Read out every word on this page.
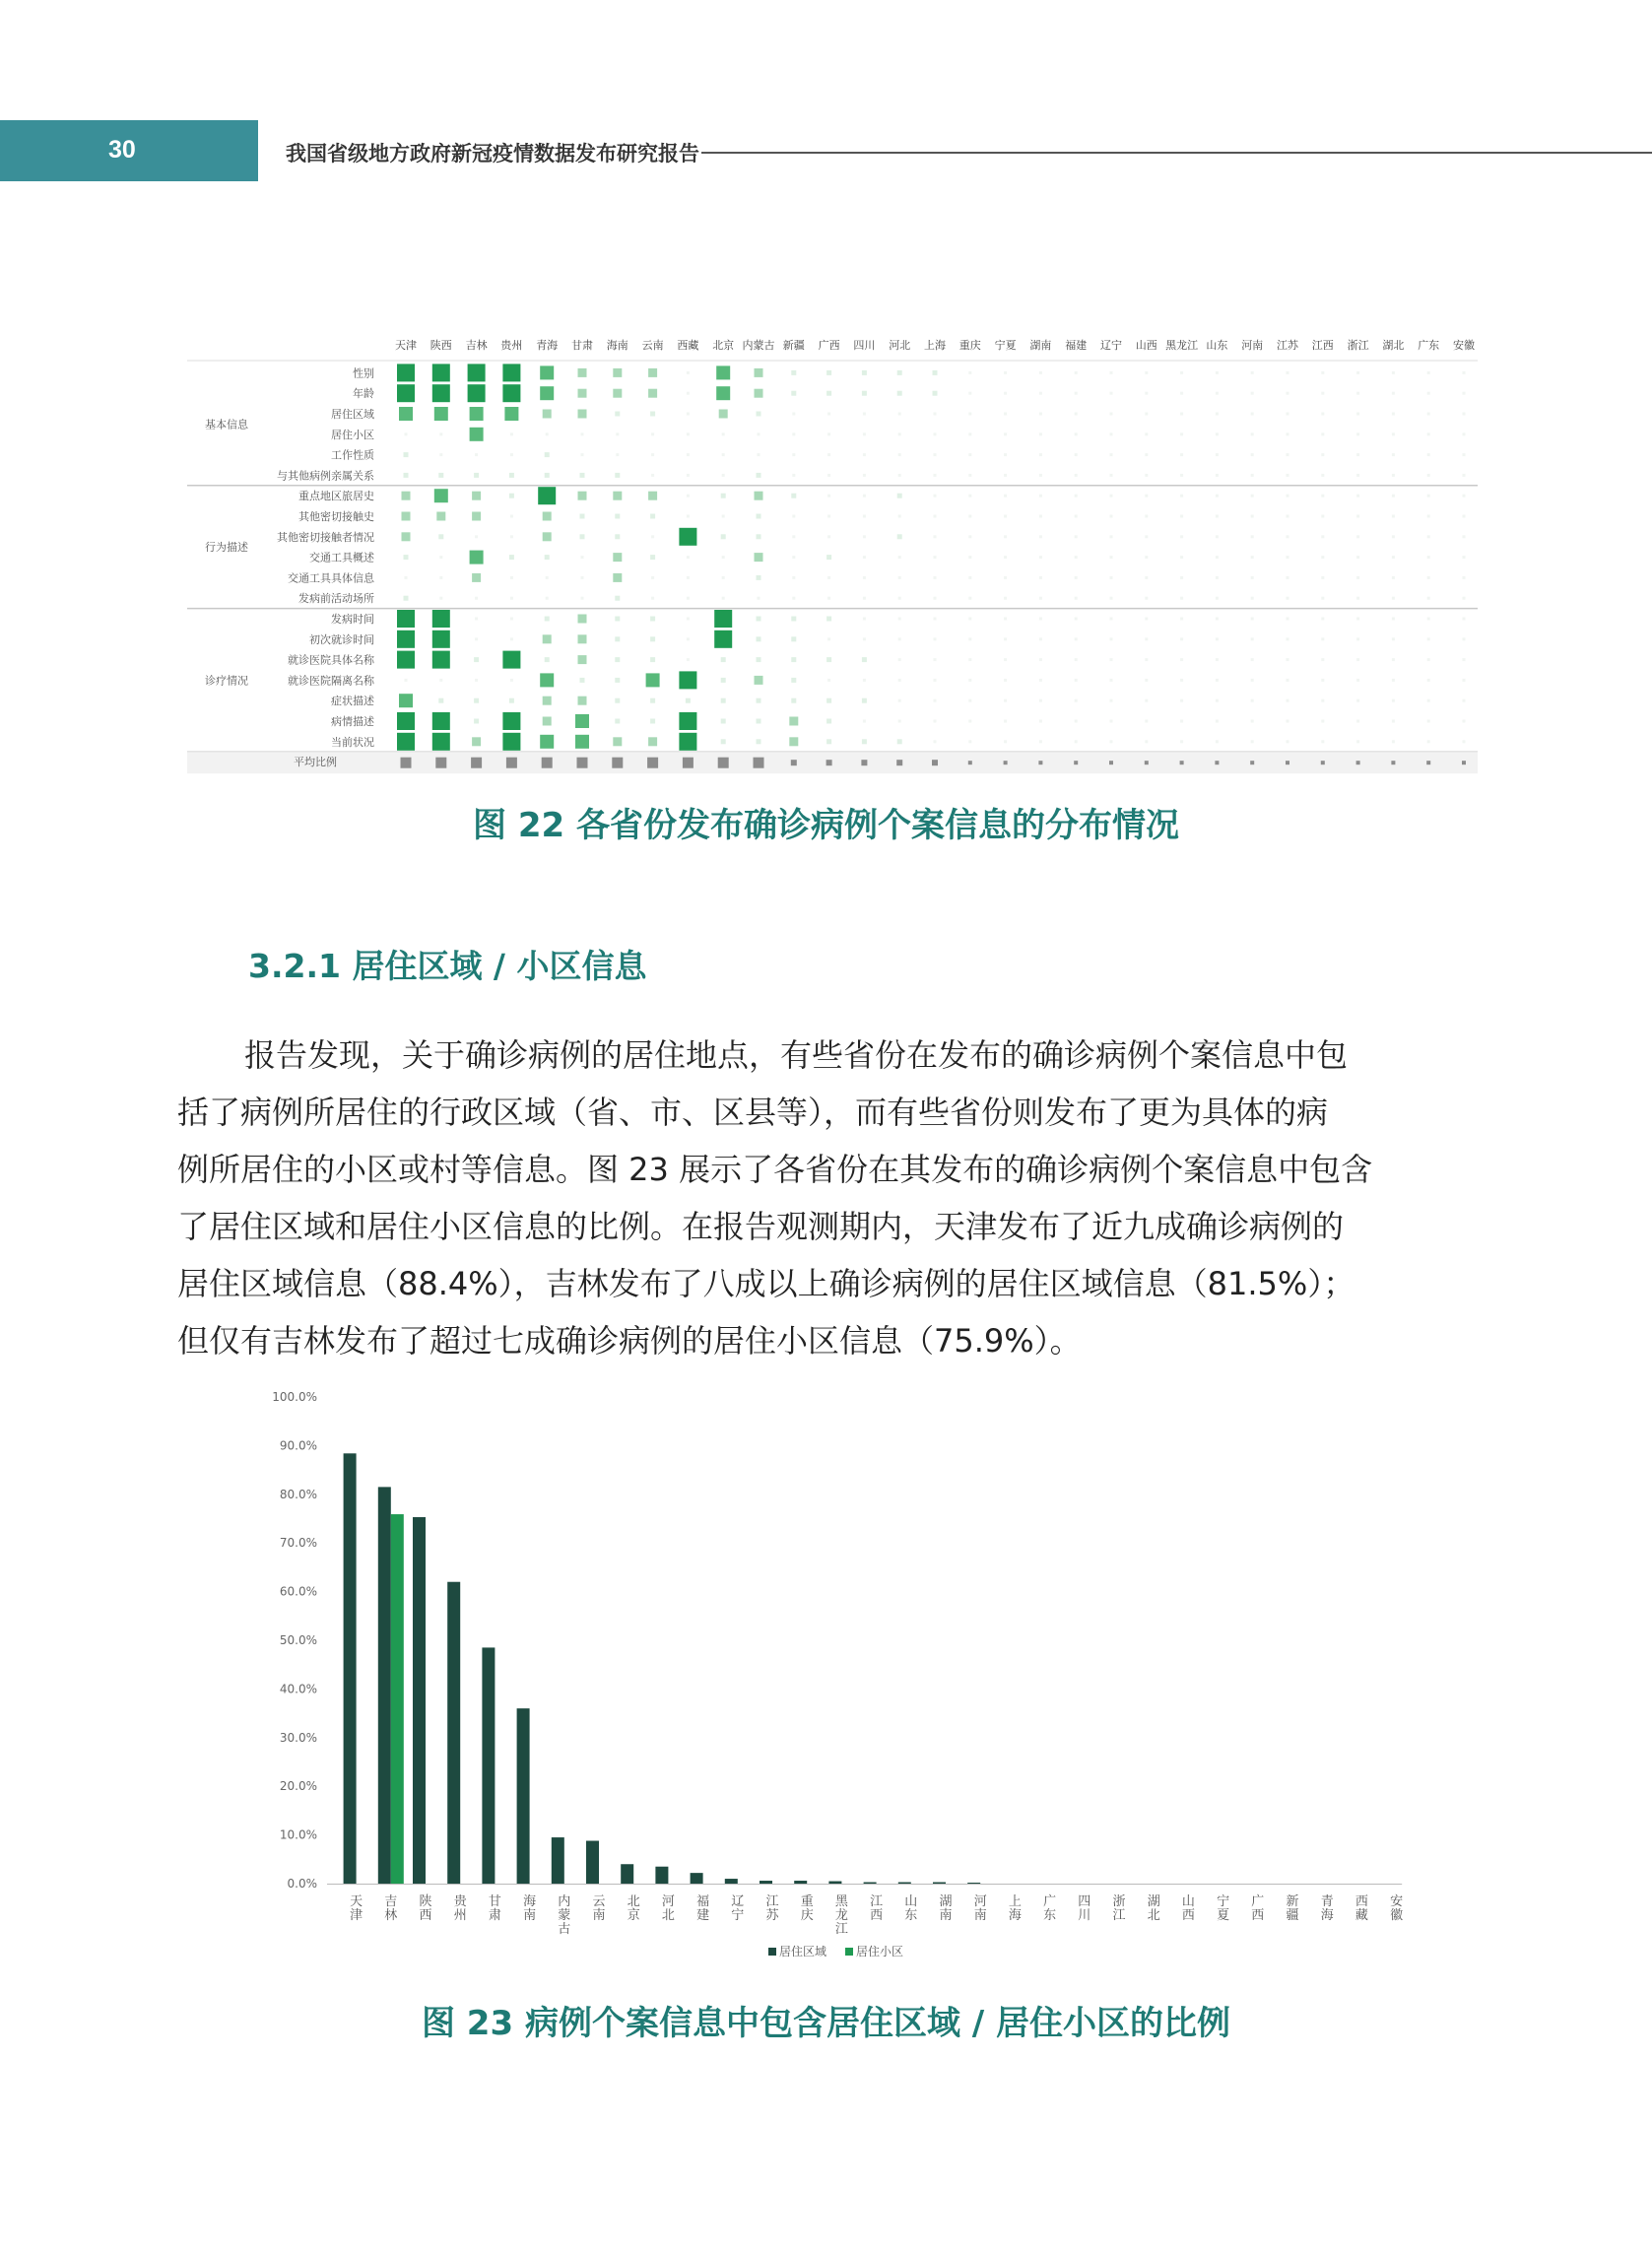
30	我国省级地方政府新冠疫情数据发布研究报告
天津 陕西 吉林 贵州 青海 甘肃 海南 云南 西藏 北京 内蒙古 新疆 广西 四川 河北 上海 重庆 宁夏 湖南 福建 辽宁 山西 黑龙江 山东 河南 江苏 江西 浙江 湖北 广东 安徽
性别
年龄
居住区域
居住小区
工作性质
与其他病例亲属关系
基本信息
重点地区旅居史
其他密切接触史
其他密切接触者情况
交通工具概述
交通工具具体信息
发病前活动场所
行为描述
发病时间
初次就诊时间
就诊医院具体名称
就诊医院隔离名称
症状描述
病情描述
当前状况
诊疗情况
平均比例
图 22 各省份发布确诊病例个案信息的分布情况
3.2.1 居住区域 / 小区信息
报告发现，关于确诊病例的居住地点，有些省份在发布的确诊病例个案信息中包
括了病例所居住的行政区域（省、市、区县等），而有些省份则发布了更为具体的病
例所居住的小区或村等信息。图 23 展示了各省份在其发布的确诊病例个案信息中包含
了居住区域和居住小区信息的比例。在报告观测期内，天津发布了近九成确诊病例的
居住区域信息（88.4%），吉林发布了八成以上确诊病例的居住区域信息（81.5%）；
但仅有吉林发布了超过七成确诊病例的居住小区信息（75.9%）。
0.0%
10.0%
20.0%
30.0%
40.0%
50.0%
60.0%
70.0%
80.0%
90.0%
100.0%
天津
吉林
陕西
贵州
甘肃
海南
内蒙古
云南
北京
河北
福建
辽宁
江苏
重庆
黑龙江
江西
山东
湖南
河南
上海
广东
四川
浙江
湖北
山西
宁夏
广西
新疆
青海
西藏
安徽
居住区域 居住小区
图 23 病例个案信息中包含居住区域 / 居住小区的比例
